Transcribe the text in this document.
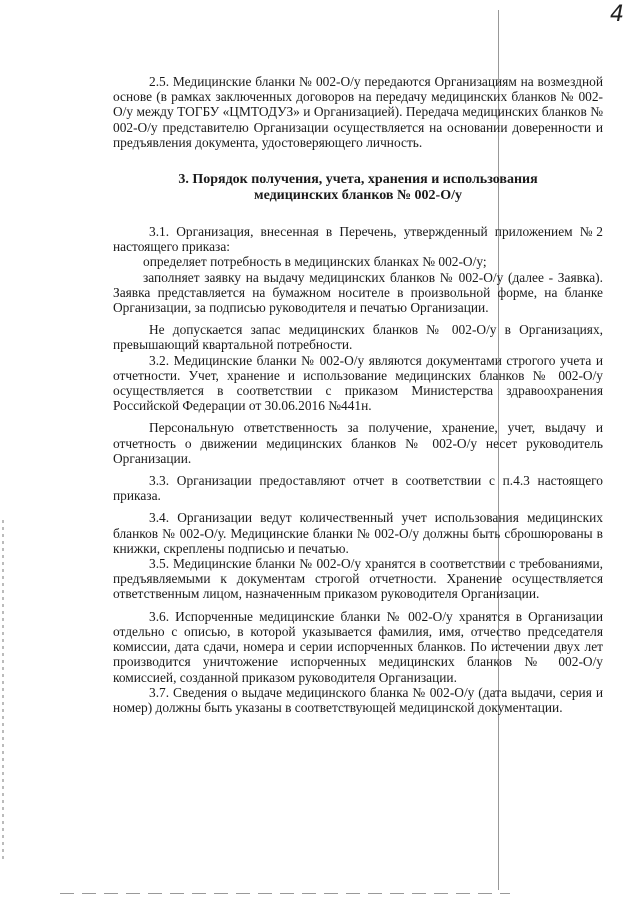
4

2.5. Медицинские бланки № 002-О/у передаются Организациям на возмездной основе (в рамках заключенных договоров на передачу медицинских бланков № 002-О/у между ТОГБУ «ЦМТОДУЗ» и Организацией). Передача медицинских бланков № 002-О/у представителю Организации осуществляется на основании доверенности и предъявления документа, удостоверяющего личность.

3. Порядок получения, учета, хранения и использования
медицинских бланков № 002-О/у

3.1. Организация, внесенная в Перечень, утвержденный приложением №2 настоящего приказа:

определяет потребность в медицинских бланках № 002-О/у;

заполняет заявку на выдачу медицинских бланков № 002-О/у (далее - Заявка). Заявка представляется на бумажном носителе в произвольной форме, на бланке Организации, за подписью руководителя и печатью Организации.

Не допускается запас медицинских бланков № 002-О/у в Организациях, превышающий квартальной потребности.

3.2. Медицинские бланки № 002-О/у являются документами строгого учета и отчетности. Учет, хранение и использование медицинских бланков № 002-О/у осуществляется в соответствии с приказом Министерства здравоохранения Российской Федерации от 30.06.2016 №441н.

Персональную ответственность за получение, хранение, учет, выдачу и отчетность о движении медицинских бланков № 002-О/у несет руководитель Организации.

3.3. Организации предоставляют отчет в соответствии с п.4.3 настоящего приказа.

3.4. Организации ведут количественный учет использования медицинских бланков № 002-О/у. Медицинские бланки № 002-О/у должны быть сброшюрованы в книжки, скреплены подписью и печатью.

3.5. Медицинские бланки № 002-О/у хранятся в соответствии с требованиями, предъявляемыми к документам строгой отчетности. Хранение осуществляется ответственным лицом, назначенным приказом руководителя Организации.

3.6. Испорченные медицинские бланки № 002-О/у хранятся в Организации отдельно с описью, в которой указывается фамилия, имя, отчество председателя комиссии, дата сдачи, номера и серии испорченных бланков. По истечении двух лет производится уничтожение испорченных медицинских бланков № 002-О/у комиссией, созданной приказом руководителя Организации.

3.7. Сведения о выдаче медицинского бланка № 002-О/у (дата выдачи, серия и номер) должны быть указаны в соответствующей медицинской документации.
